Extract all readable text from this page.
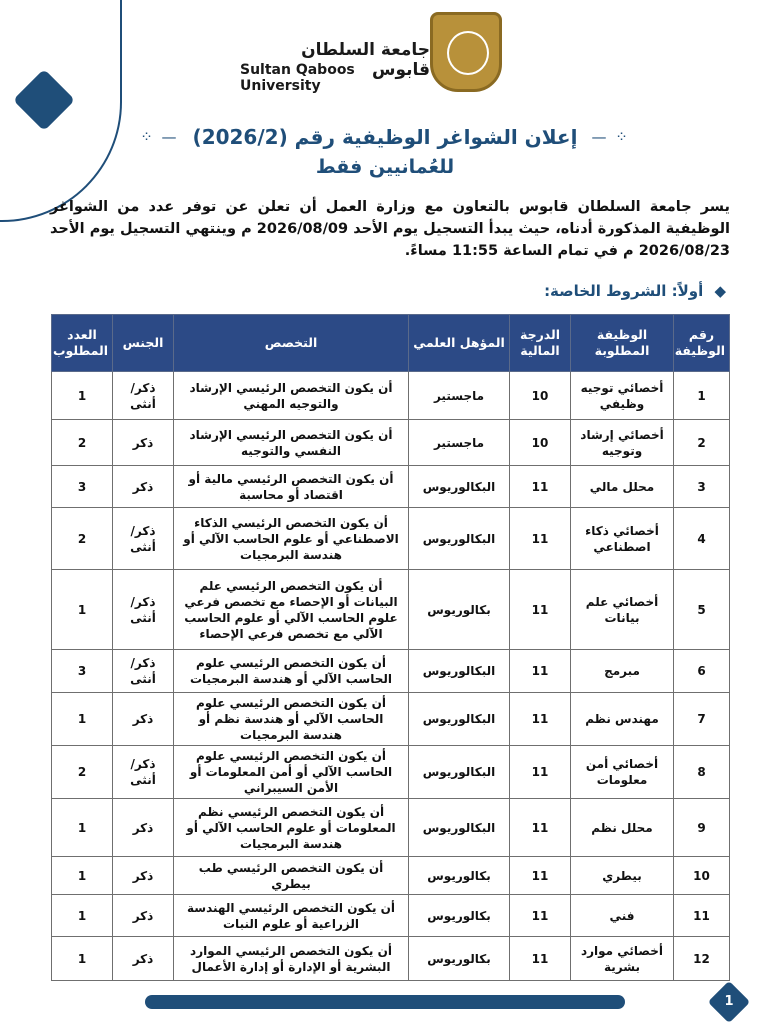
جامعة السلطان قابوس
Sultan Qaboos University
⁘ — إعلان الشواغر الوظيفية رقم (2026/2) — ⁘
للعُمانيين فقط
يسر جامعة السلطان قابوس بالتعاون مع وزارة العمل أن تعلن عن توفر عدد من الشواغر الوظيفية المذكورة أدناه، حيث يبدأ التسجيل يوم الأحد 2026/08/09 م وينتهي التسجيل يوم الأحد 2026/08/23 م في تمام الساعة 11:55 مساءً.
◆ أولاً: الشروط الخاصة:
رقم الوظيفة	الوظيفة المطلوبة	الدرجة المالية	المؤهل العلمي	التخصص	الجنس	العدد المطلوب
1	أخصائي توجيه وظيفي	10	ماجستير	أن يكون التخصص الرئيسي الإرشاد والتوجيه المهني	ذكر/ أنثى	1
2	أخصائي إرشاد وتوجيه	10	ماجستير	أن يكون التخصص الرئيسي الإرشاد النفسي والتوجيه	ذكر	2
3	محلل مالي	11	البكالوريوس	أن يكون التخصص الرئيسي مالية أو اقتصاد أو محاسبة	ذكر	3
4	أخصائي ذكاء اصطناعي	11	البكالوريوس	أن يكون التخصص الرئيسي الذكاء الاصطناعي أو علوم الحاسب الآلي أو هندسة البرمجيات	ذكر/ أنثى	2
5	أخصائي علم بيانات	11	بكالوريوس	أن يكون التخصص الرئيسي علم البيانات أو الإحصاء مع تخصص فرعي علوم الحاسب الآلي أو علوم الحاسب الآلي مع تخصص فرعي الإحصاء	ذكر/ أنثى	1
6	مبرمج	11	البكالوريوس	أن يكون التخصص الرئيسي علوم الحاسب الآلي أو هندسة البرمجيات	ذكر/ أنثى	3
7	مهندس نظم	11	البكالوريوس	أن يكون التخصص الرئيسي علوم الحاسب الآلي أو هندسة نظم أو هندسة البرمجيات	ذكر	1
8	أخصائي أمن معلومات	11	البكالوريوس	أن يكون التخصص الرئيسي علوم الحاسب الآلي أو أمن المعلومات أو الأمن السيبراني	ذكر/ أنثى	2
9	محلل نظم	11	البكالوريوس	أن يكون التخصص الرئيسي نظم المعلومات أو علوم الحاسب الآلي أو هندسة البرمجيات	ذكر	1
10	بيطري	11	بكالوريوس	أن يكون التخصص الرئيسي طب بيطري	ذكر	1
11	فني	11	بكالوريوس	أن يكون التخصص الرئيسي الهندسة الزراعية أو علوم النبات	ذكر	1
12	أخصائي موارد بشرية	11	بكالوريوس	أن يكون التخصص الرئيسي الموارد البشرية أو الإدارة أو إدارة الأعمال	ذكر	1
1
